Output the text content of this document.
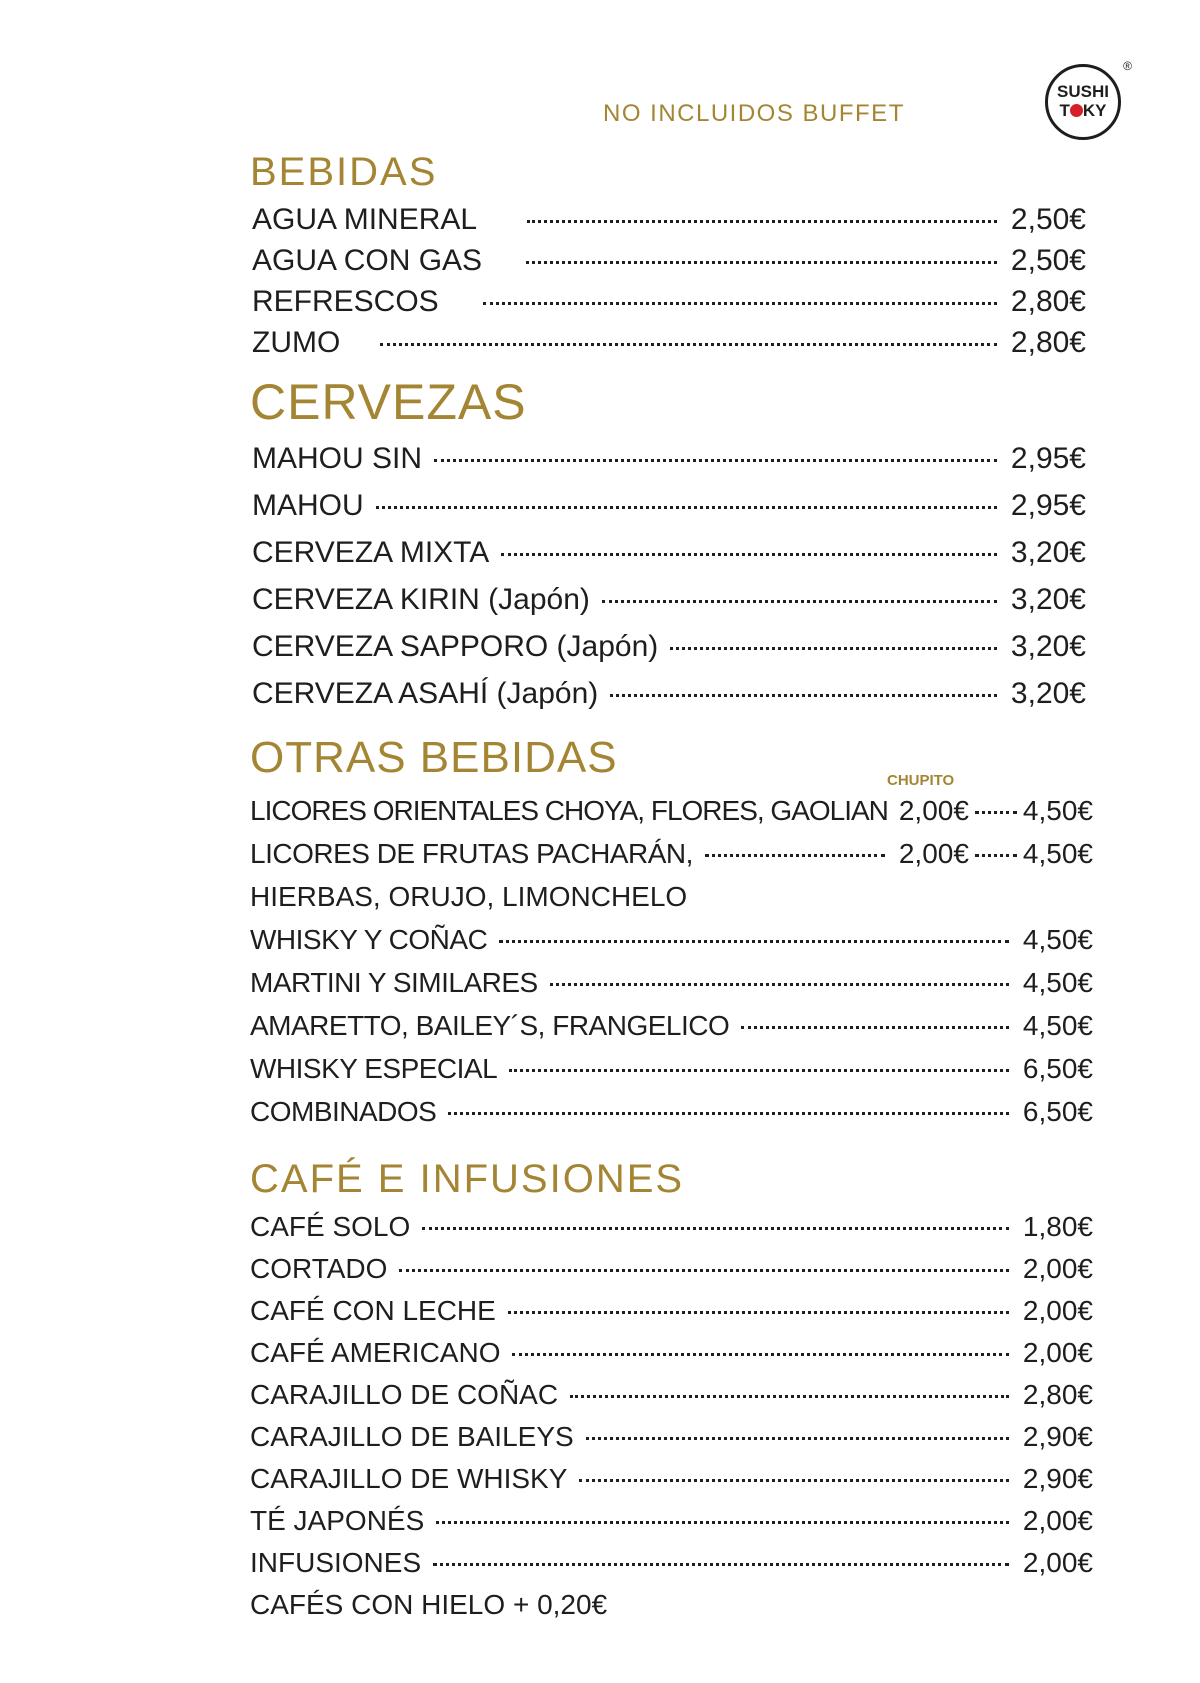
NO INCLUIDOS BUFFET
®
SUSHI
T KY
BEBIDAS
AGUA MINERAL	2,50€
AGUA CON GAS	2,50€
REFRESCOS	2,80€
ZUMO	2,80€
CERVEZAS
MAHOU SIN	2,95€
MAHOU	2,95€
CERVEZA MIXTA	3,20€
CERVEZA KIRIN (Japón)	3,20€
CERVEZA SAPPORO (Japón)	3,20€
CERVEZA ASAHÍ (Japón)	3,20€
OTRAS BEBIDAS	CHUPITO
LICORES ORIENTALES CHOYA, FLORES, GAOLIAN 2,00€ 4,50€
LICORES DE FRUTAS PACHARÁN,	2,00€ 4,50€
HIERBAS, ORUJO, LIMONCHELO
WHISKY Y COÑAC	4,50€
MARTINI Y SIMILARES	4,50€
AMARETTO, BAILEY´S, FRANGELICO	4,50€
WHISKY ESPECIAL	6,50€
COMBINADOS	6,50€
CAFÉ E INFUSIONES
CAFÉ SOLO	1,80€
CORTADO	2,00€
CAFÉ CON LECHE	2,00€
CAFÉ AMERICANO	2,00€
CARAJILLO DE COÑAC	2,80€
CARAJILLO DE BAILEYS	2,90€
CARAJILLO DE WHISKY	2,90€
TÉ JAPONÉS	2,00€
INFUSIONES	2,00€
CAFÉS CON HIELO + 0,20€
